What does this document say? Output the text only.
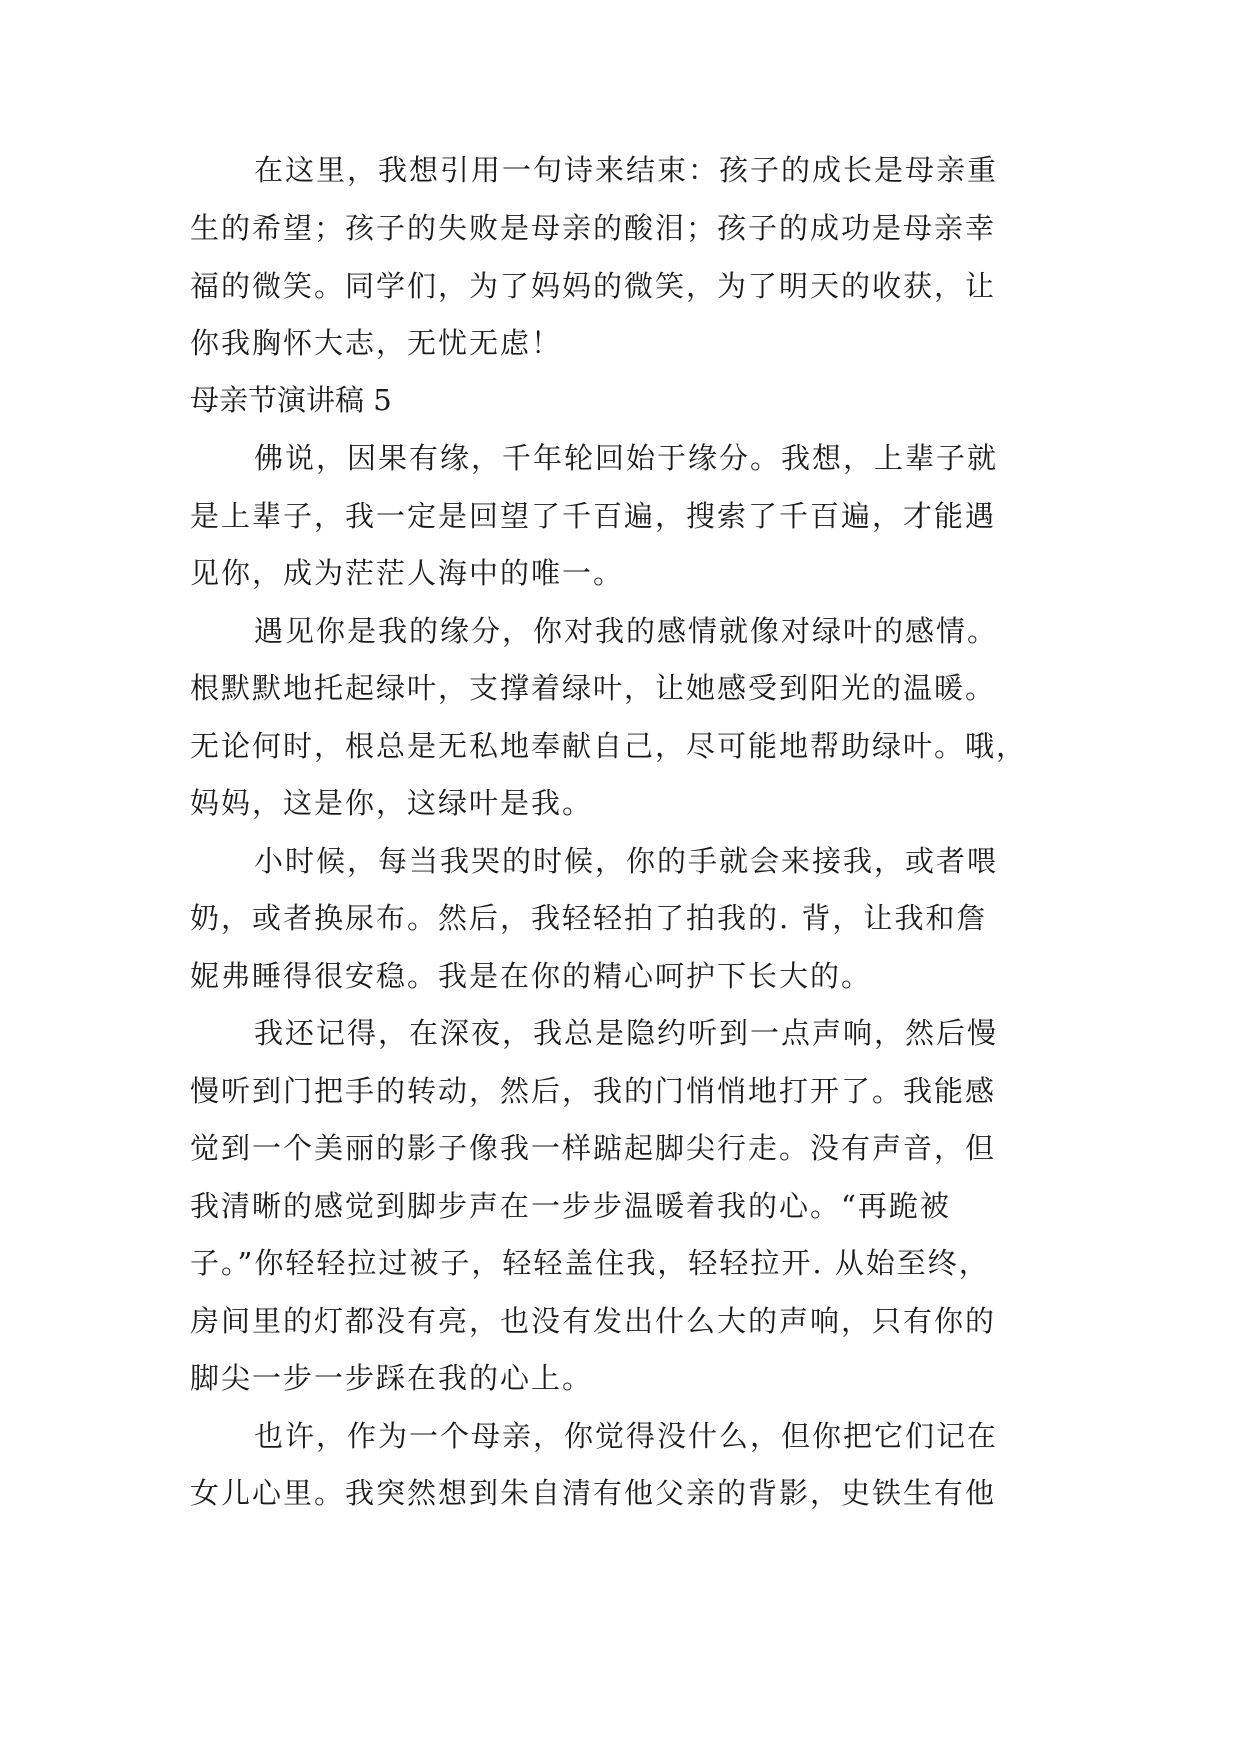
在这里，我想引用一句诗来结束：孩子的成长是母亲重
生的希望；孩子的失败是母亲的酸泪；孩子的成功是母亲幸
福的微笑。同学们，为了妈妈的微笑，为了明天的收获，让
你我胸怀大志，无忧无虑！
母亲节演讲稿 5
佛说，因果有缘，千年轮回始于缘分。我想，上辈子就
是上辈子，我一定是回望了千百遍，搜索了千百遍，才能遇
见你，成为茫茫人海中的唯一。
遇见你是我的缘分，你对我的感情就像对绿叶的感情。
根默默地托起绿叶，支撑着绿叶，让她感受到阳光的温暖。
无论何时，根总是无私地奉献自己，尽可能地帮助绿叶。哦，
妈妈，这是你，这绿叶是我。
小时候，每当我哭的时候，你的手就会来接我，或者喂
奶，或者换尿布。然后，我轻轻拍了拍我的. 背，让我和詹
妮弗睡得很安稳。我是在你的精心呵护下长大的。
我还记得，在深夜，我总是隐约听到一点声响，然后慢
慢听到门把手的转动，然后，我的门悄悄地打开了。我能感
觉到一个美丽的影子像我一样踮起脚尖行走。没有声音，但
我清晰的感觉到脚步声在一步步温暖着我的心。“再跪被
子。”你轻轻拉过被子，轻轻盖住我，轻轻拉开. 从始至终，
房间里的灯都没有亮，也没有发出什么大的声响，只有你的
脚尖一步一步踩在我的心上。
也许，作为一个母亲，你觉得没什么，但你把它们记在
女儿心里。我突然想到朱自清有他父亲的背影，史铁生有他
